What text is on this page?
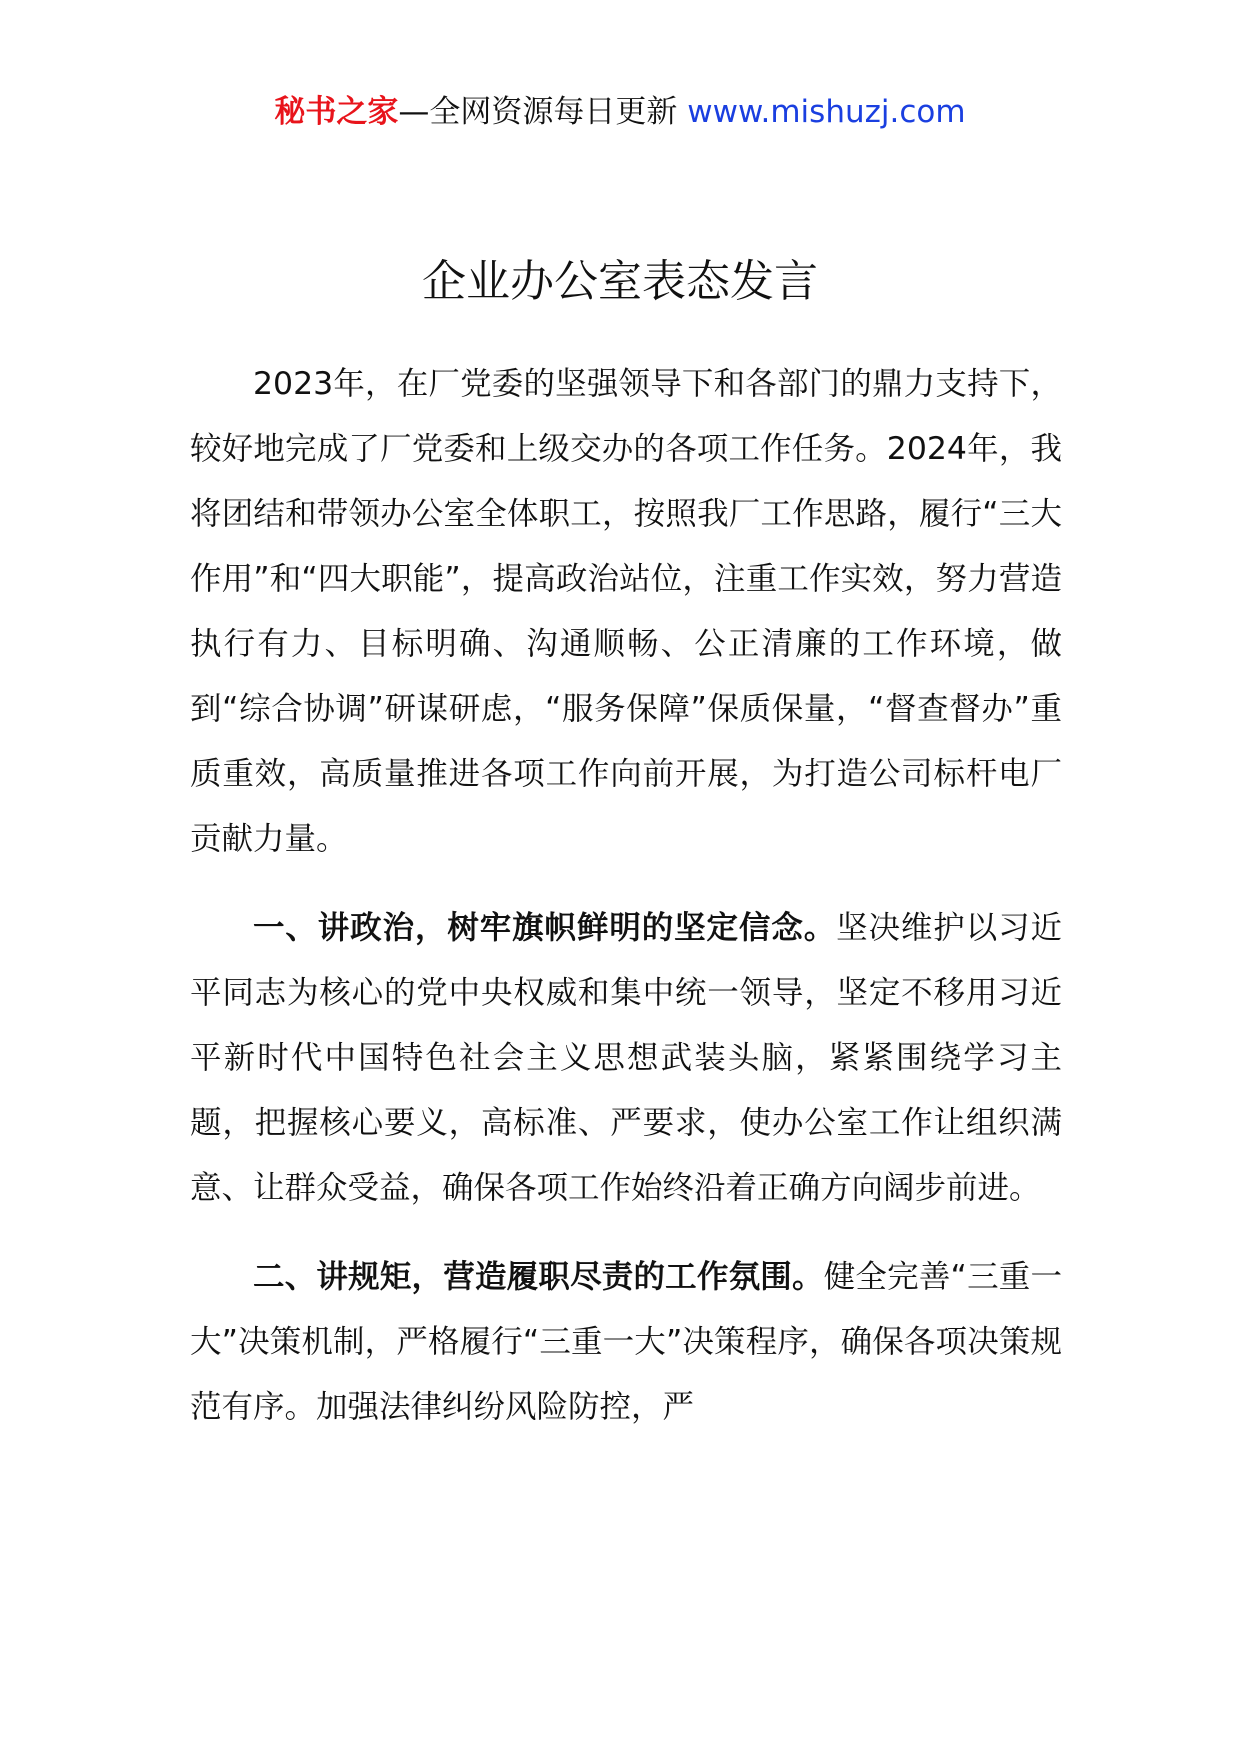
秘书之家—全网资源每日更新 www.mishuzj.com
企业办公室表态发言

2023年，在厂党委的坚强领导下和各部门的鼎力支持下，较好地完成了厂党委和上级交办的各项工作任务。2024年，我将团结和带领办公室全体职工，按照我厂工作思路，履行“三大作用”和“四大职能”，提高政治站位，注重工作实效，努力营造执行有力、目标明确、沟通顺畅、公正清廉的工作环境，做到“综合协调”研谋研虑，“服务保障”保质保量，“督查督办”重质重效，高质量推进各项工作向前开展，为打造公司标杆电厂贡献力量。

一、讲政治，树牢旗帜鲜明的坚定信念。坚决维护以习近平同志为核心的党中央权威和集中统一领导，坚定不移用习近平新时代中国特色社会主义思想武装头脑，紧紧围绕学习主题，把握核心要义，高标准、严要求，使办公室工作让组织满意、让群众受益，确保各项工作始终沿着正确方向阔步前进。

二、讲规矩，营造履职尽责的工作氛围。健全完善“三重一大”决策机制，严格履行“三重一大”决策程序，确保各项决策规范有序。加强法律纠纷风险防控，严
